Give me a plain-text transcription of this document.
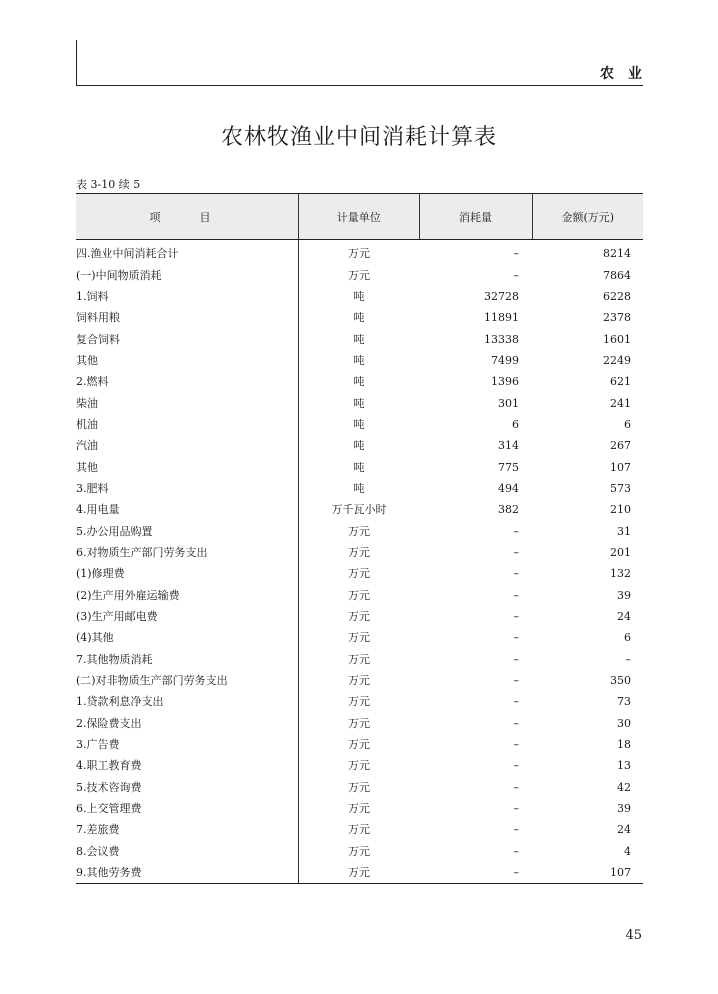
农业
农林牧渔业中间消耗计算表
表 3-10 续 5
项　目	计量单位	消耗量	金额(万元)
四.渔业中间消耗合计	万元	–	8214
(一)中间物质消耗	万元	–	7864
1.饲料	吨	32728	6228
饲料用粮	吨	11891	2378
复合饲料	吨	13338	1601
其他	吨	7499	2249
2.燃料	吨	1396	621
柴油	吨	301	241
机油	吨	6	6
汽油	吨	314	267
其他	吨	775	107
3.肥料	吨	494	573
4.用电量	万千瓦小时	382	210
5.办公用品购置	万元	–	31
6.对物质生产部门劳务支出	万元	–	201
(1)修理费	万元	–	132
(2)生产用外雇运输费	万元	–	39
(3)生产用邮电费	万元	–	24
(4)其他	万元	–	6
7.其他物质消耗	万元	–	–
(二)对非物质生产部门劳务支出	万元	–	350
1.贷款利息净支出	万元	–	73
2.保险费支出	万元	–	30
3.广告费	万元	–	18
4.职工教育费	万元	–	13
5.技术咨询费	万元	–	42
6.上交管理费	万元	–	39
7.差旅费	万元	–	24
8.会议费	万元	–	4
9.其他劳务费	万元	–	107
45
